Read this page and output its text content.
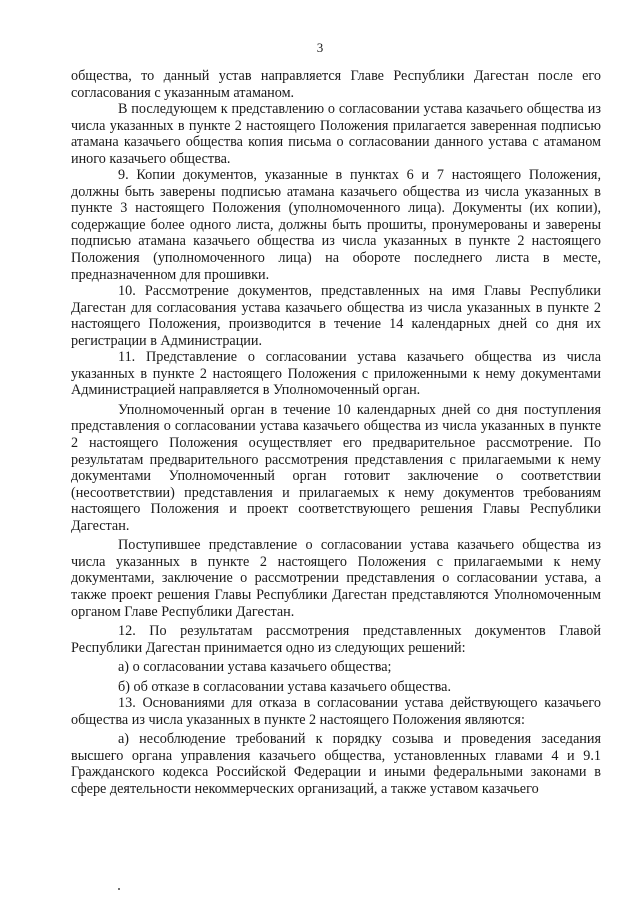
3

общества, то данный устав направляется Главе Республики Дагестан после его согласования с указанным атаманом.

В последующем к представлению о согласовании устава казачьего общества из числа указанных в пункте 2 настоящего Положения прилагается заверенная подписью атамана казачьего общества копия письма о согласовании данного устава с атаманом иного казачьего общества.

9. Копии документов, указанные в пунктах 6 и 7 настоящего Положения, должны быть заверены подписью атамана казачьего общества из числа указанных в пункте 3 настоящего Положения (уполномоченного лица). Документы (их копии), содержащие более одного листа, должны быть прошиты, пронумерованы и заверены подписью атамана казачьего общества из числа указанных в пункте 2 настоящего Положения (уполномоченного лица) на обороте последнего листа в месте, предназначенном для прошивки.

10. Рассмотрение документов, представленных на имя Главы Республики Дагестан для согласования устава казачьего общества из числа указанных в пункте 2 настоящего Положения, производится в течение 14 календарных дней со дня их регистрации в Администрации.

11. Представление о согласовании устава казачьего общества из числа указанных в пункте 2 настоящего Положения с приложенными к нему документами Администрацией направляется в Уполномоченный орган.

Уполномоченный орган в течение 10 календарных дней со дня поступления представления о согласовании устава казачьего общества из числа указанных в пункте 2 настоящего Положения осуществляет его предварительное рассмотрение. По результатам предварительного рассмотрения представления с прилагаемыми к нему документами Уполномоченный орган готовит заключение о соответствии (несоответствии) представления и прилагаемых к нему документов требованиям настоящего Положения и проект соответствующего решения Главы Республики Дагестан.

Поступившее представление о согласовании устава казачьего общества из числа указанных в пункте 2 настоящего Положения с прилагаемыми к нему документами, заключение о рассмотрении представления о согласовании устава, а также проект решения Главы Республики Дагестан представляются Уполномоченным органом Главе Республики Дагестан.

12. По результатам рассмотрения представленных документов Главой Республики Дагестан принимается одно из следующих решений:

а) о согласовании устава казачьего общества;

б) об отказе в согласовании устава казачьего общества.

13. Основаниями для отказа в согласовании устава действующего казачьего общества из числа указанных в пункте 2 настоящего Положения являются:

а) несоблюдение требований к порядку созыва и проведения заседания высшего органа управления казачьего общества, установленных главами 4 и 9.1 Гражданского кодекса Российской Федерации и иными федеральными законами в сфере деятельности некоммерческих организаций, а также уставом казачьего
